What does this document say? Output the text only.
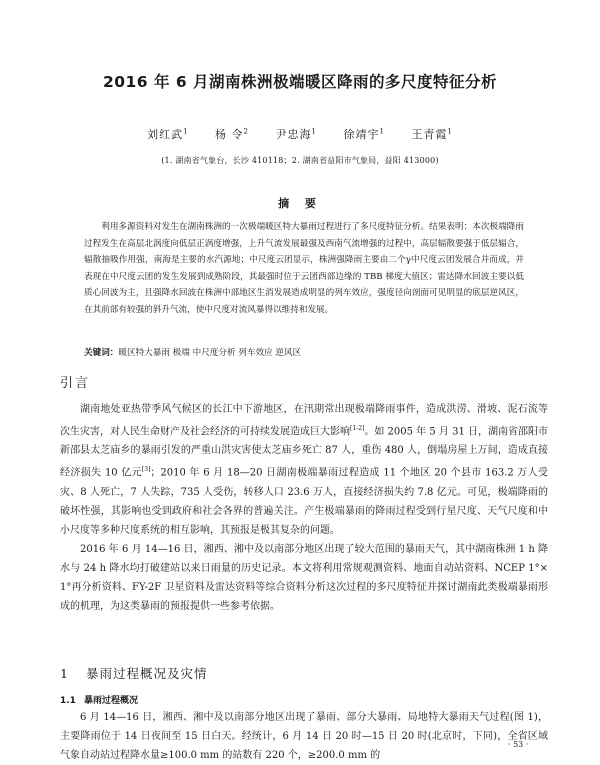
2016 年 6 月湖南株洲极端暖区降雨的多尺度特征分析
刘红武$^1$ 杨 令$^2$ 尹忠海$^1$ 徐靖宇$^1$ 王青霞$^1$
(1. 湖南省气象台，长沙 410118；2. 湖南省益阳市气象局，益阳 413000)
摘 要
利用多源资料对发生在湖南株洲的一次极端暖区特大暴雨过程进行了多尺度特征分析。结果表明：本次极端降雨过程发生在高层北涡度向低层正涡度增强，上升气流发展最强及西南气流增强的过程中，高层辐散要强于低层辐合，辐散抽吸作用强，南海是主要的水汽源地；中尺度云团显示，株洲强降雨主要由二个γ中尺度云团发展合并而成，并表现在中尺度云团的发生发展到成熟阶段，其最强时位于云团西部边缘的 TBB 梯度大值区；雷达降水回波主要以低质心回波为主，且强降水回波在株洲中部地区生消发展造成明显的列车效应，强度径向剖面可见明显的底层逆风区，在其前部有较强的斜升气流，使中尺度对流风暴得以维持和发展。
关键词：暖区特大暴雨 极端 中尺度分析 列车效应 逆风区
引言

湖南地处亚热带季风气候区的长江中下游地区，在汛期常出现极端降雨事件，造成洪涝、滑坡、泥石流等次生灾害，对人民生命财产及社会经济的可持续发展造成巨大影响[1-2]。如 2005 年 5 月 31 日，湖南省邵阳市新邵县太芝庙乡的暴雨引发的严重山洪灾害使太芝庙乡死亡 87 人，重伤 480 人，倒塌房屋上万间，造成直接经济损失 10 亿元[3]；2010 年 6 月 18—20 日湖南极端暴雨过程造成 11 个地区 20 个县市 163.2 万人受灾、8 人死亡，7 人失踪，735 人受伤，转移人口 23.6 万人，直接经济损失约 7.8 亿元。可见，极端降雨的破坏性强，其影响也受到政府和社会各界的普遍关注。产生极端暴雨的降雨过程受到行星尺度、天气尺度和中小尺度等多种尺度系统的相互影响，其预报是极其复杂的问题。

2016 年 6 月 14—16 日，湘西、湘中及以南部分地区出现了较大范围的暴雨天气，其中湖南株洲 1 h 降水与 24 h 降水均打破建站以来日雨量的历史记录。本文将利用常规观测资料、地面自动站资料、NCEP 1°× 1°再分析资料、FY-2F 卫星资料及雷达资料等综合资料分析这次过程的多尺度特征并探讨湖南此类极端暴雨形成的机理，为这类暴雨的预报提供一些参考依据。

1 暴雨过程概况及灾情
1.1 暴雨过程概况
6 月 14—16 日，湘西、湘中及以南部分地区出现了暴雨、部分大暴雨、局地特大暴雨天气过程(图 1)，主要降雨位于 14 日夜间至 15 日白天。经统计，6 月 14 日 20 时—15 日 20 时(北京时，下同)，全省区域气象自动站过程降水量≥100.0 mm 的站数有 220 个，≥200.0 mm 的
· 53 ·
